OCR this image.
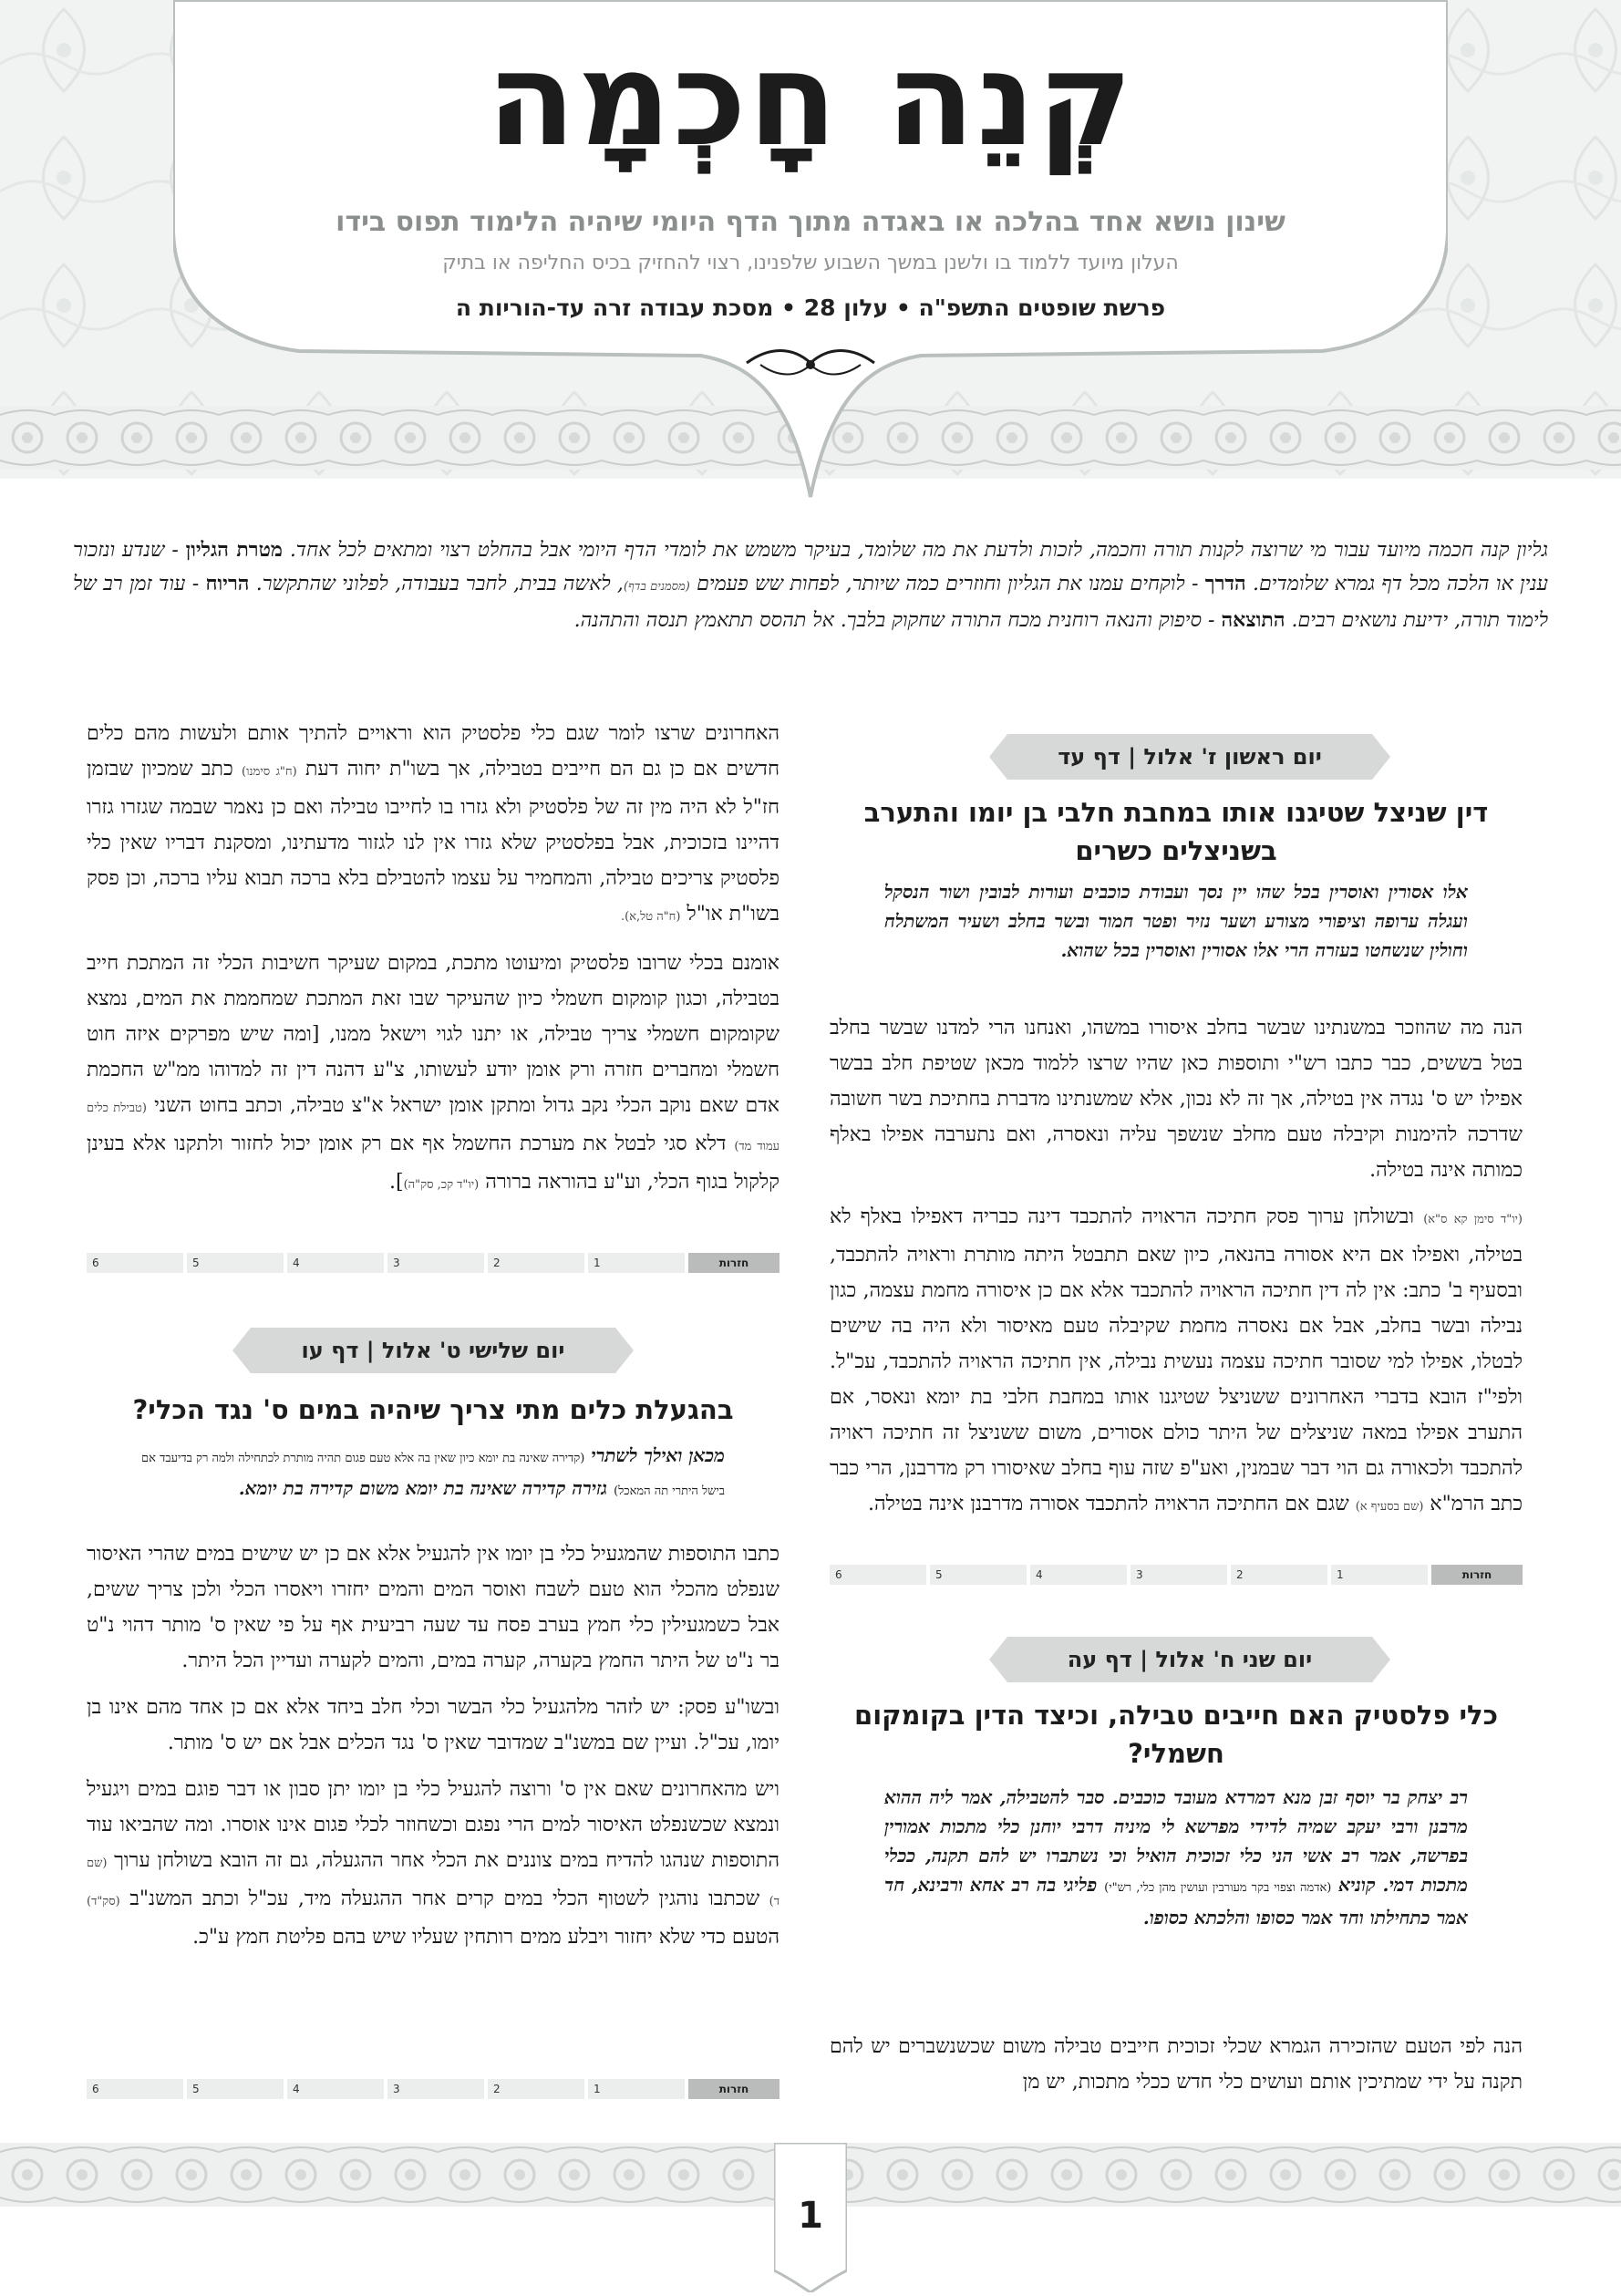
קְנֵה חָכְמָה
שינון נושא אחד בהלכה או באגדה מתוך הדף היומי שיהיה הלימוד תפוס בידו
העלון מיועד ללמוד בו ולשנן במשך השבוע שלפנינו, רצוי להחזיק בכיס החליפה או בתיק
פרשת שופטים התשפ"ה • עלון 28 • מסכת עבודה זרה עד-הוריות ה
גליון קנה חכמה מיועד עבור מי שרוצה לקנות תורה וחכמה, לזכות ולדעת את מה שלומד, בעיקר משמש את לומדי הדף היומי אבל בהחלט רצוי ומתאים לכל אחד. מטרת הגליון - שנדע ונזכור ענין או הלכה מכל דף גמרא שלומדים. הדרך - לוקחים עמנו את הגליון וחוזרים כמה שיותר, לפחות שש פעמים (מסמנים בדף), לאשה בבית, לחבר בעבודה, לפלוני שהתקשר. הריוח - עוד זמן רב של לימוד תורה, ידיעת נושאים רבים. התוצאה - סיפוק והנאה רוחנית מכח התורה שחקוק בלבך. אל תהסס תתאמץ תנסה והתהנה.
יום ראשון ז' אלול | דף עד
דין שניצל שטיגנו אותו במחבת חלבי בן יומו והתערב בשניצלים כשרים
אלו אסורין ואוסרין בכל שהו יין נסך ועבודת כוכבים ועורות לבובין ושור הנסקל ועגלה ערופה וציפורי מצורע ושער נזיר ופטר חמור ובשר בחלב ושעיר המשתלח וחולין שנשחטו בעזרה הרי אלו אסורין ואוסרין בכל שהוא.

הנה מה שהוזכר במשנתינו שבשר בחלב איסורו במשהו, ואנחנו הרי למדנו שבשר בחלב בטל בששים, כבר כתבו רש"י ותוספות כאן שהיו שרצו ללמוד מכאן שטיפת חלב בבשר אפילו יש ס' נגדה אין בטילה, אך זה לא נכון, אלא שמשנתינו מדברת בחתיכת בשר חשובה שדרכה להימנות וקיבלה טעם מחלב שנשפך עליה ונאסרה, ואם נתערבה אפילו באלף כמותה אינה בטילה.

(יו"ד סימן קא ס"א) ובשולחן ערוך פסק חתיכה הראויה להתכבד דינה כבריה דאפילו באלף לא בטילה, ואפילו אם היא אסורה בהנאה, כיון שאם תתבטל היתה מותרת וראויה להתכבד, ובסעיף ב' כתב: אין לה דין חתיכה הראויה להתכבד אלא אם כן איסורה מחמת עצמה, כגון נבילה ובשר בחלב, אבל אם נאסרה מחמת שקיבלה טעם מאיסור ולא היה בה שישים לבטלו, אפילו למי שסובר חתיכה עצמה נעשית נבילה, אין חתיכה הראויה להתכבד, עכ"ל. ולפי"ז הובא בדברי האחרונים ששניצל שטיגנו אותו במחבת חלבי בת יומא ונאסר, אם התערב אפילו במאה שניצלים של היתר כולם אסורים, משום ששניצל זה חתיכה ראויה להתכבד ולכאורה גם הוי דבר שבמנין, ואע"פ שזה עוף בחלב שאיסורו רק מדרבנן, הרי כבר כתב הרמ"א (שם בסעיף א) שגם אם החתיכה הראויה להתכבד אסורה מדרבנן אינה בטילה.

חזרות
1
2
3
4
5
6
יום שני ח' אלול | דף עה
כלי פלסטיק האם חייבים טבילה, וכיצד הדין בקומקום חשמלי?
רב יצחק בר יוסף זבן מנא דמרדא מעובד כוכבים. סבר להטבילה, אמר ליה ההוא מרבנן ורבי יעקב שמיה לדידי מפרשא לי מיניה דרבי יוחנן כלי מתכות אמורין בפרשה, אמר רב אשי הני כלי זכוכית הואיל וכי נשתברו יש להם תקנה, ככלי מתכות דמי. קוניא (אדמה וצפוי בקר מעורבין ועושין מהן כלי, רש"י) פליגי בה רב אחא ורבינא, חד אמר כתחילתו וחד אמר כסופו והלכתא כסופו.

הנה לפי הטעם שהזכירה הגמרא שכלי זכוכית חייבים טבילה משום שכשנשברים יש להם תקנה על ידי שמתיכין אותם ועושים כלי חדש ככלי מתכות, יש מן

האחרונים שרצו לומר שגם כלי פלסטיק הוא וראויים להתיך אותם ולעשות מהם כלים חדשים אם כן גם הם חייבים בטבילה, אך בשו"ת יחוה דעת (ח"ג סימנו) כתב שמכיון שבזמן חז"ל לא היה מין זה של פלסטיק ולא גזרו בו לחייבו טבילה ואם כן נאמר שבמה שגזרו גזרו דהיינו בזכוכית, אבל בפלסטיק שלא גזרו אין לנו לגזור מדעתינו, ומסקנת דבריו שאין כלי פלסטיק צריכים טבילה, והמחמיר על עצמו להטבילם בלא ברכה תבוא עליו ברכה, וכן פסק בשו"ת או"ל (ח"ה טל,א).

אומנם בכלי שרובו פלסטיק ומיעוטו מתכת, במקום שעיקר חשיבות הכלי זה המתכת חייב בטבילה, וכגון קומקום חשמלי כיון שהעיקר שבו זאת המתכת שמחממת את המים, נמצא שקומקום חשמלי צריך טבילה, או יתנו לגוי וישאל ממנו, [ומה שיש מפרקים איזה חוט חשמלי ומחברים חזרה ורק אומן יודע לעשותו, צ"ע דהנה דין זה למדוהו ממ"ש החכמת אדם שאם נוקב הכלי נקב גדול ומתקן אומן ישראל א"צ טבילה, וכתב בחוט השני (טבילת כלים עמוד מד) דלא סגי לבטל את מערכת החשמל אף אם רק אומן יכול לחזור ולתקנו אלא בעינן קלקול בגוף הכלי, וע"ע בהוראה ברורה (יו"ד קכ, סק"ה)].

חזרות
1
2
3
4
5
6
יום שלישי ט' אלול | דף עו
בהגעלת כלים מתי צריך שיהיה במים ס' נגד הכלי?
מכאן ואילך לשתרי (קדירה שאינה בת יומא כיון שאין בה אלא טעם פגום תהיה מותרת לכתחילה ולמה רק בדיעבד אם בישל היתרי תה המאכל) גזירה קדירה שאינה בת יומא משום קדירה בת יומא.

כתבו התוספות שהמגעיל כלי בן יומו אין להגעיל אלא אם כן יש שישים במים שהרי האיסור שנפלט מהכלי הוא טעם לשבח ואוסר המים והמים יחזרו ויאסרו הכלי ולכן צריך ששים, אבל כשמגעילין כלי חמץ בערב פסח עד שעה רביעית אף על פי שאין ס' מותר דהוי נ"ט בר נ"ט של היתר החמץ בקערה, קערה במים, והמים לקערה ועדיין הכל היתר.

ובשו"ע פסק: יש לזהר מלהגעיל כלי הבשר וכלי חלב ביחד אלא אם כן אחד מהם אינו בן יומו, עכ"ל. ועיין שם במשנ"ב שמדובר שאין ס' נגד הכלים אבל אם יש ס' מותר.

ויש מהאחרונים שאם אין ס' ורוצה להגעיל כלי בן יומו יתן סבון או דבר פוגם במים ויגעיל ונמצא שכשנפלט האיסור למים הרי נפגם וכשחוזר לכלי פגום אינו אוסרו. ומה שהביאו עוד התוספות שנהגו להדיח במים צוננים את הכלי אחר ההגעלה, גם זה הובא בשולחן ערוך (שם ד) שכתבו נוהגין לשטוף הכלי במים קרים אחר ההגעלה מיד, עכ"ל וכתב המשנ"ב (סק"ד) הטעם כדי שלא יחזור ויבלע ממים רותחין שעליו שיש בהם פליטת חמץ ע"כ.

חזרות
1
2
3
4
5
6
1
